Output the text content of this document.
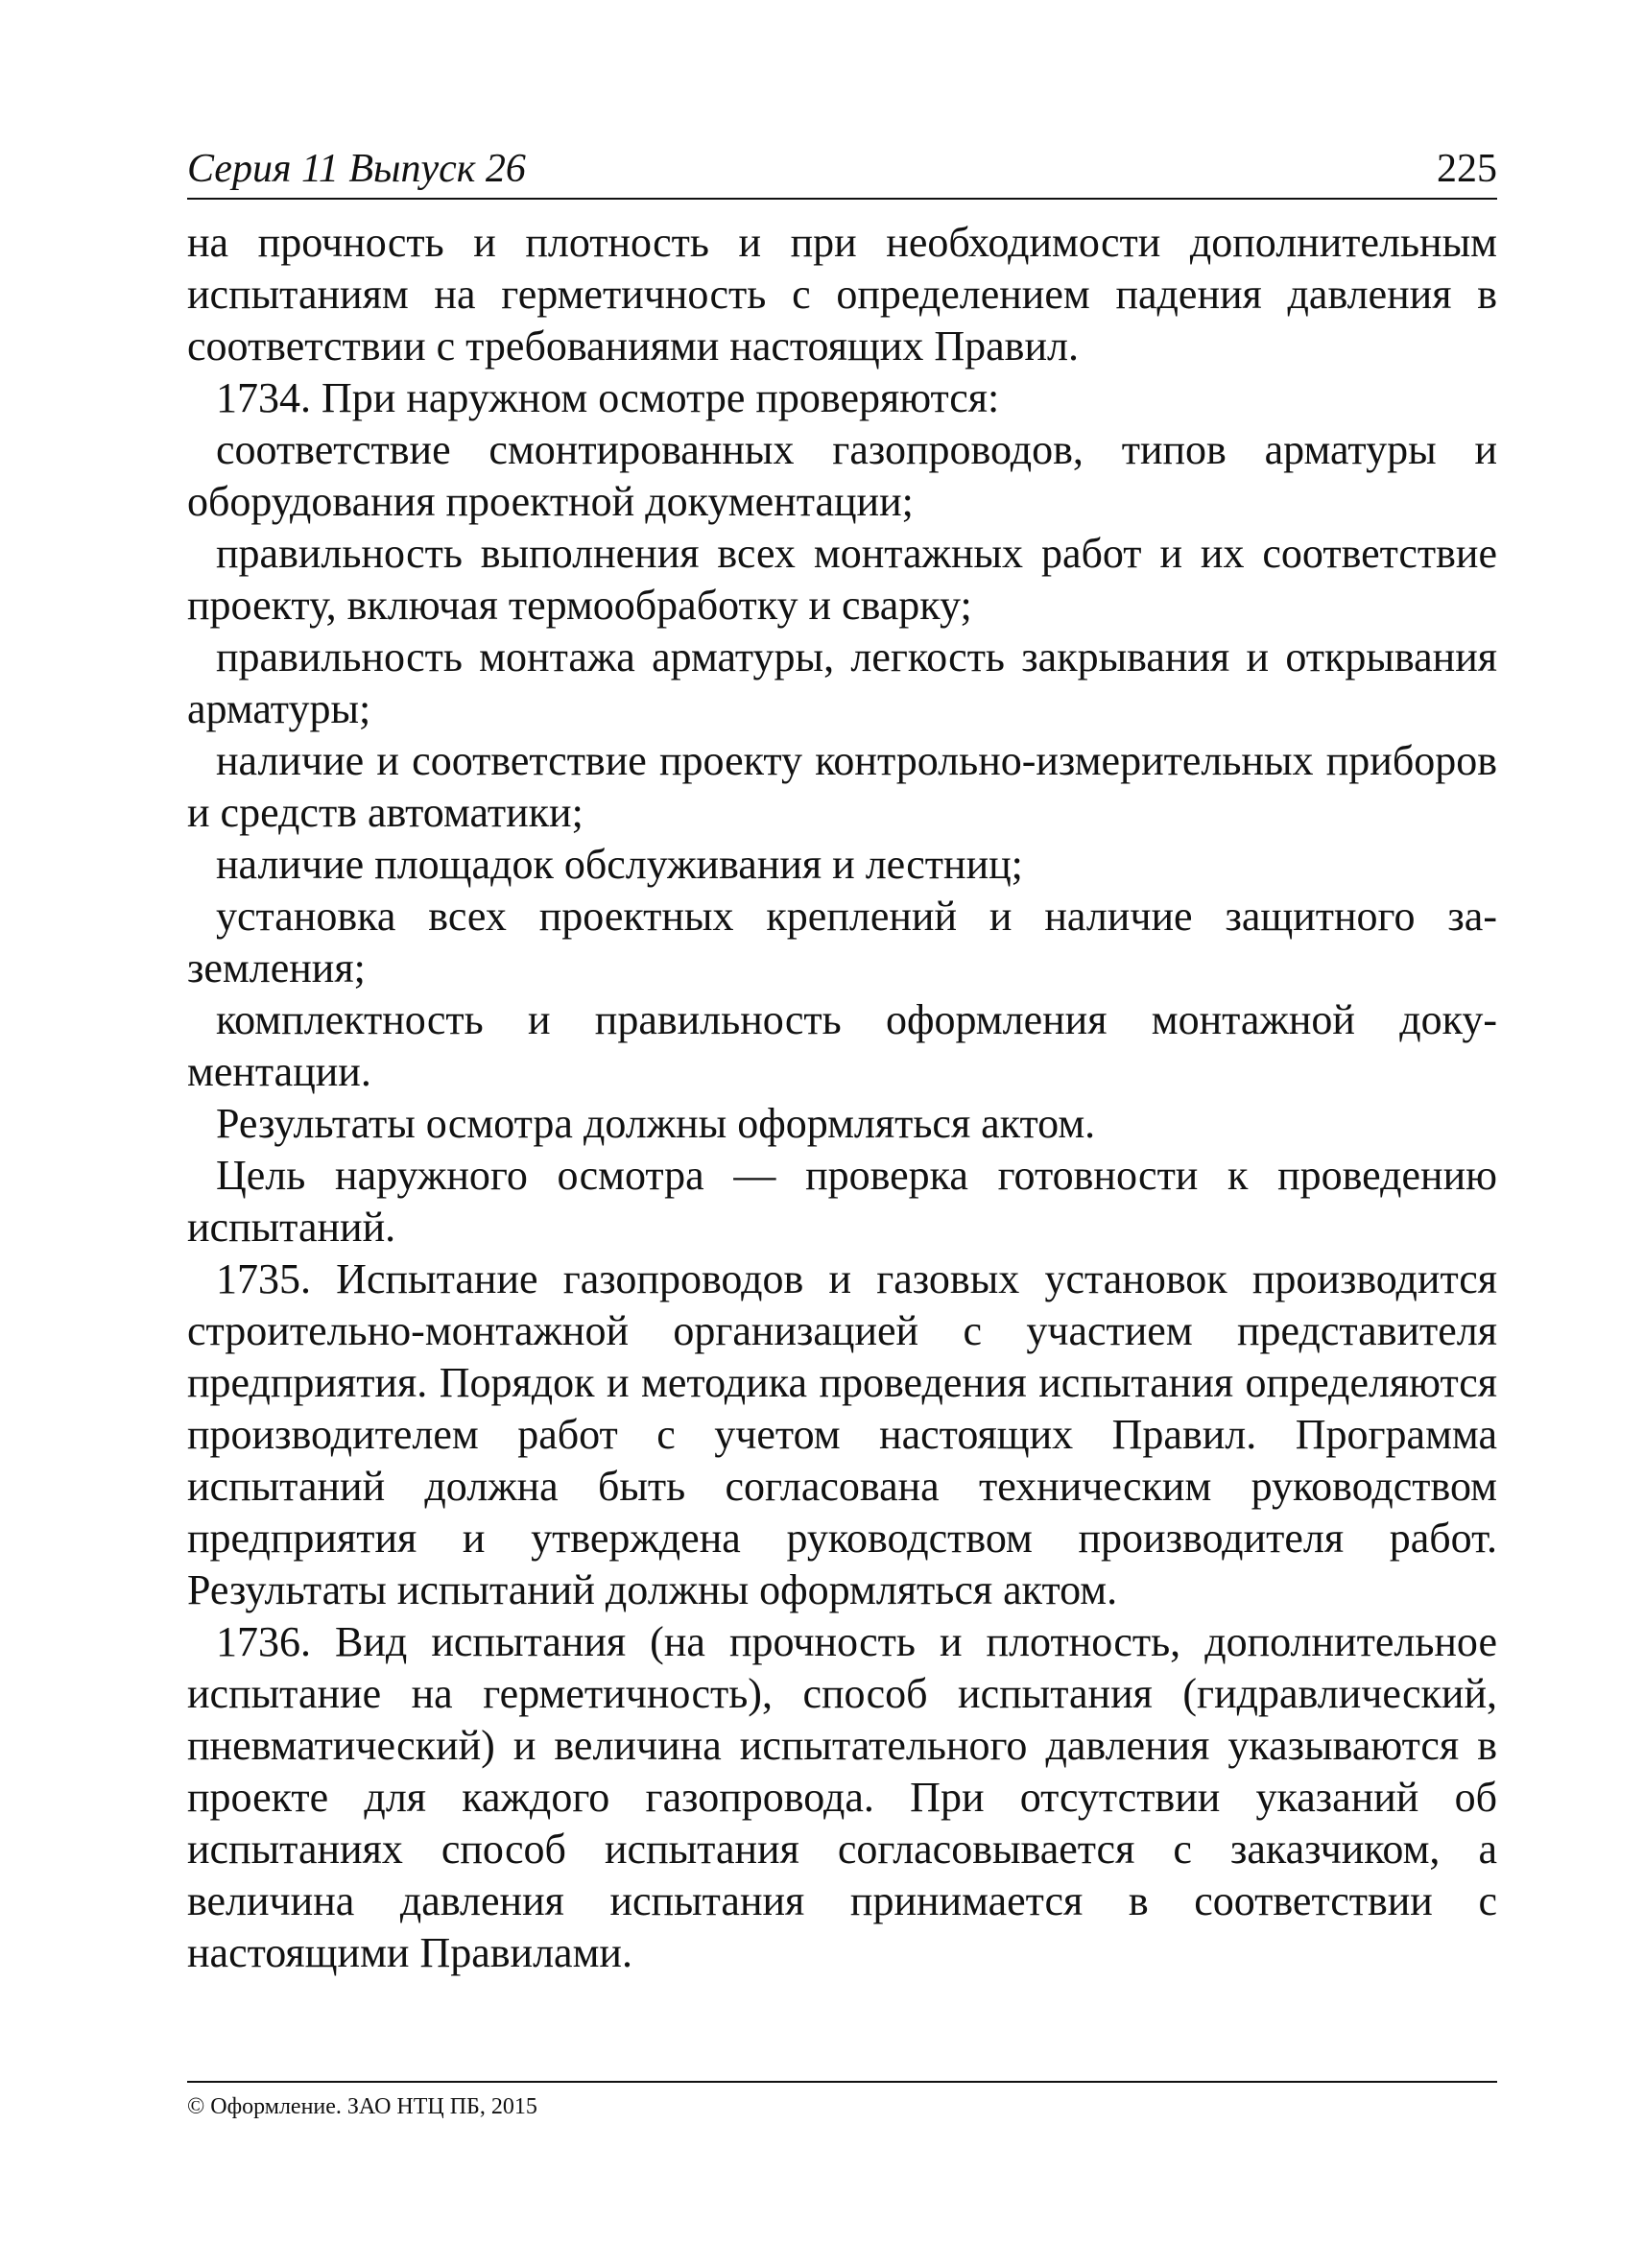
Серия 11 Выпуск 26	225

на прочность и плотность и при необходимости дополнительным испытаниям на герметичность с определением падения давления в соответствии с требованиями настоящих Правил.

1734. При наружном осмотре проверяются:

соответствие смонтированных газопроводов, типов арматуры и оборудования проектной документации;

правильность выполнения всех монтажных работ и их соответствие проекту, включая термообработку и сварку;

правильность монтажа арматуры, легкость закрывания и открывания арматуры;

наличие и соответствие проекту контрольно-измерительных приборов и средств автоматики;

наличие площадок обслуживания и лестниц;

установка всех проектных креплений и наличие защитного заземления;

комплектность и правильность оформления монтажной документации.

Результаты осмотра должны оформляться актом.

Цель наружного осмотра — проверка готовности к проведению испытаний.

1735. Испытание газопроводов и газовых установок производится строительно-монтажной организацией с участием представителя предприятия. Порядок и методика проведения испытания определяются производителем работ с учетом настоящих Правил. Программа испытаний должна быть согласована техническим руководством предприятия и утверждена руководством производителя работ. Результаты испытаний должны оформляться актом.

1736. Вид испытания (на прочность и плотность, дополнительное испытание на герметичность), способ испытания (гидравлический, пневматический) и величина испытательного давления указываются в проекте для каждого газопровода. При отсутствии указаний об испытаниях способ испытания согласовывается с заказчиком, а величина давления испытания принимается в соответствии с настоящими Правилами.

© Оформление. ЗАО НТЦ ПБ, 2015
